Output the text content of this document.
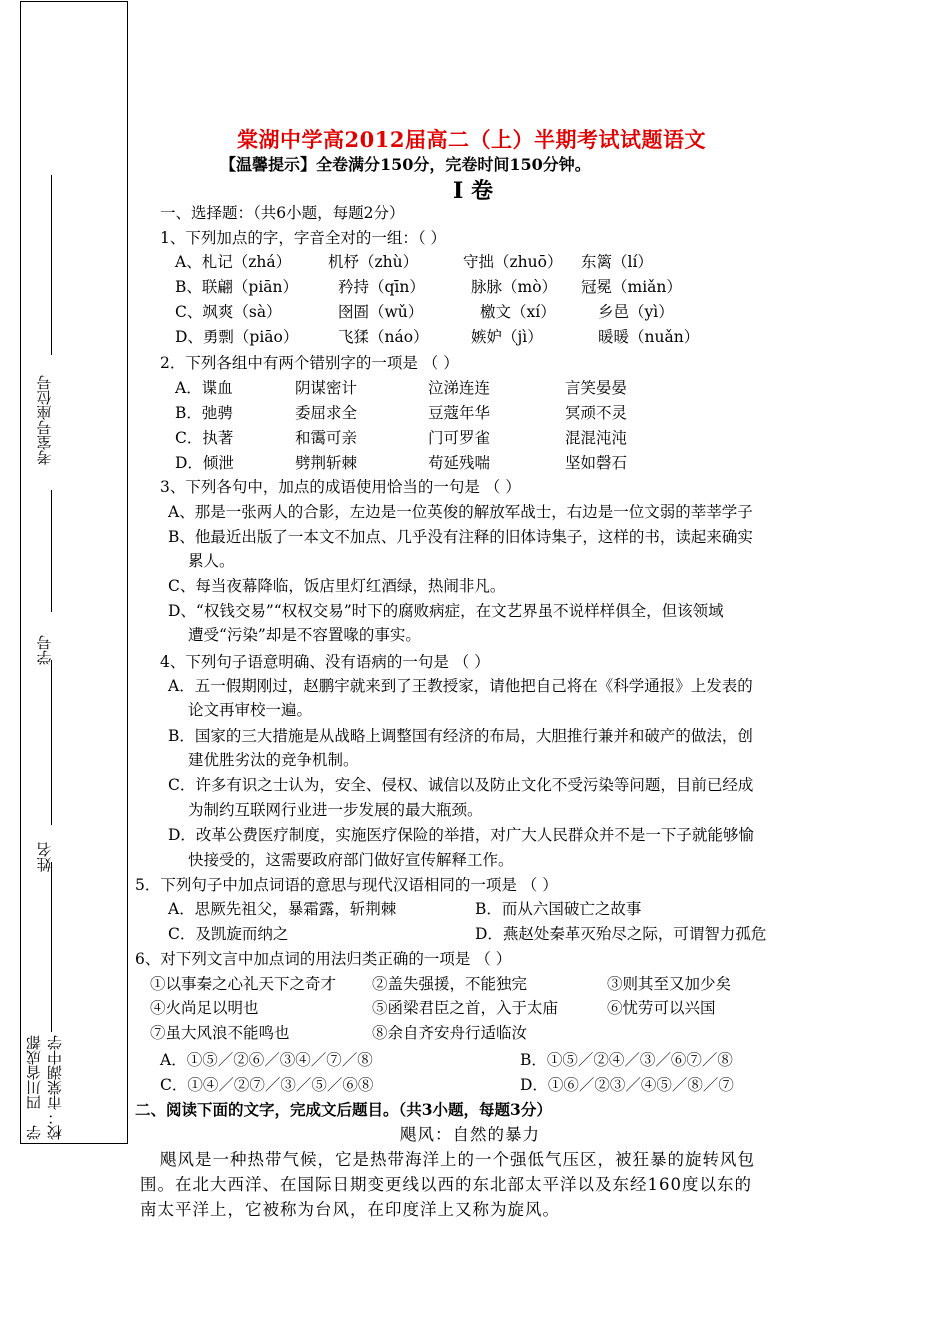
学校：
四川省成都市棠湖中学
姓名
学号
考室号座位号
棠湖中学高2012届高二（上）半期考试试题语文
【温馨提示】全卷满分150分，完卷时间150分钟。
Ⅰ 卷
一、选择题：（共6小题，每题2分）
1、下列加点的字，字音全对的一组：（ ）
A、札记（zhá） 机杼（zhù）	守拙（zhuō） 东篱（lí）
B、联翩（piān）	矜持（qīn）	脉脉（mò） 冠冕（miǎn）
C、飒爽（sà）	囹圄（wǔ）	檄文（xí）	乡邑（yì）
D、勇剽（piāo）	飞猱（náo）	嫉妒（jì）	暖暖（nuǎn）
2．下列各组中有两个错别字的一项是 （ ）
A．谍血	阴谋密计	泣涕连连	言笑晏晏
B．弛骋	委屈求全	豆蔻年华	冥顽不灵
C．执著	和霭可亲	门可罗雀	混混沌沌
D．倾泄	劈荆斩棘	苟延残喘	坚如磬石
3、下列各句中，加点的成语使用恰当的一句是 （ ）
A、那是一张两人的合影，左边是一位英俊的解放军战士，右边是一位文弱的莘莘学子
B、他最近出版了一本文不加点、几乎没有注释的旧体诗集子，这样的书，读起来确实
累人。
C、每当夜幕降临，饭店里灯红酒绿，热闹非凡。
D、“权钱交易”“权权交易”时下的腐败病症，在文艺界虽不说样样俱全，但该领域
遭受“污染”却是不容置喙的事实。
4、下列句子语意明确、没有语病的一句是 （ ）
A．五一假期刚过，赵鹏宇就来到了王教授家，请他把自己将在《科学通报》上发表的
论文再审校一遍。
B．国家的三大措施是从战略上调整国有经济的布局，大胆推行兼并和破产的做法，创
建优胜劣汰的竞争机制。
C．许多有识之士认为，安全、侵权、诚信以及防止文化不受污染等问题，目前已经成
为制约互联网行业进一步发展的最大瓶颈。
D．改革公费医疗制度，实施医疗保险的举措，对广大人民群众并不是一下子就能够愉
快接受的，这需要政府部门做好宣传解释工作。
5．下列句子中加点词语的意思与现代汉语相同的一项是 （ ）
A．思厥先祖父，暴霜露，斩荆棘	B．而从六国破亡之故事
C．及凯旋而纳之	D．燕赵处秦革灭殆尽之际，可谓智力孤危
6、对下列文言中加点词的用法归类正确的一项是 （ ）
①以事秦之心礼天下之奇才 ②盖失强援，不能独完	③则其至又加少矣
④火尚足以明也	⑤函梁君臣之首，入于太庙	⑥忧劳可以兴国
⑦虽大风浪不能鸣也	⑧余自齐安舟行适临汝
A．①⑤／②⑥／③④／⑦／⑧	B．①⑤／②④／③／⑥⑦／⑧
C．①④／②⑦／③／⑤／⑥⑧	D．①⑥／②③／④⑤／⑧／⑦
二、阅读下面的文字，完成文后题目。（共3小题，每题3分）
飓风：自然的暴力
飓风是一种热带气候，它是热带海洋上的一个强低气压区，被狂暴的旋转风包
围。在北大西洋、在国际日期变更线以西的东北部太平洋以及东经160度以东的
南太平洋上，它被称为台风，在印度洋上又称为旋风。
